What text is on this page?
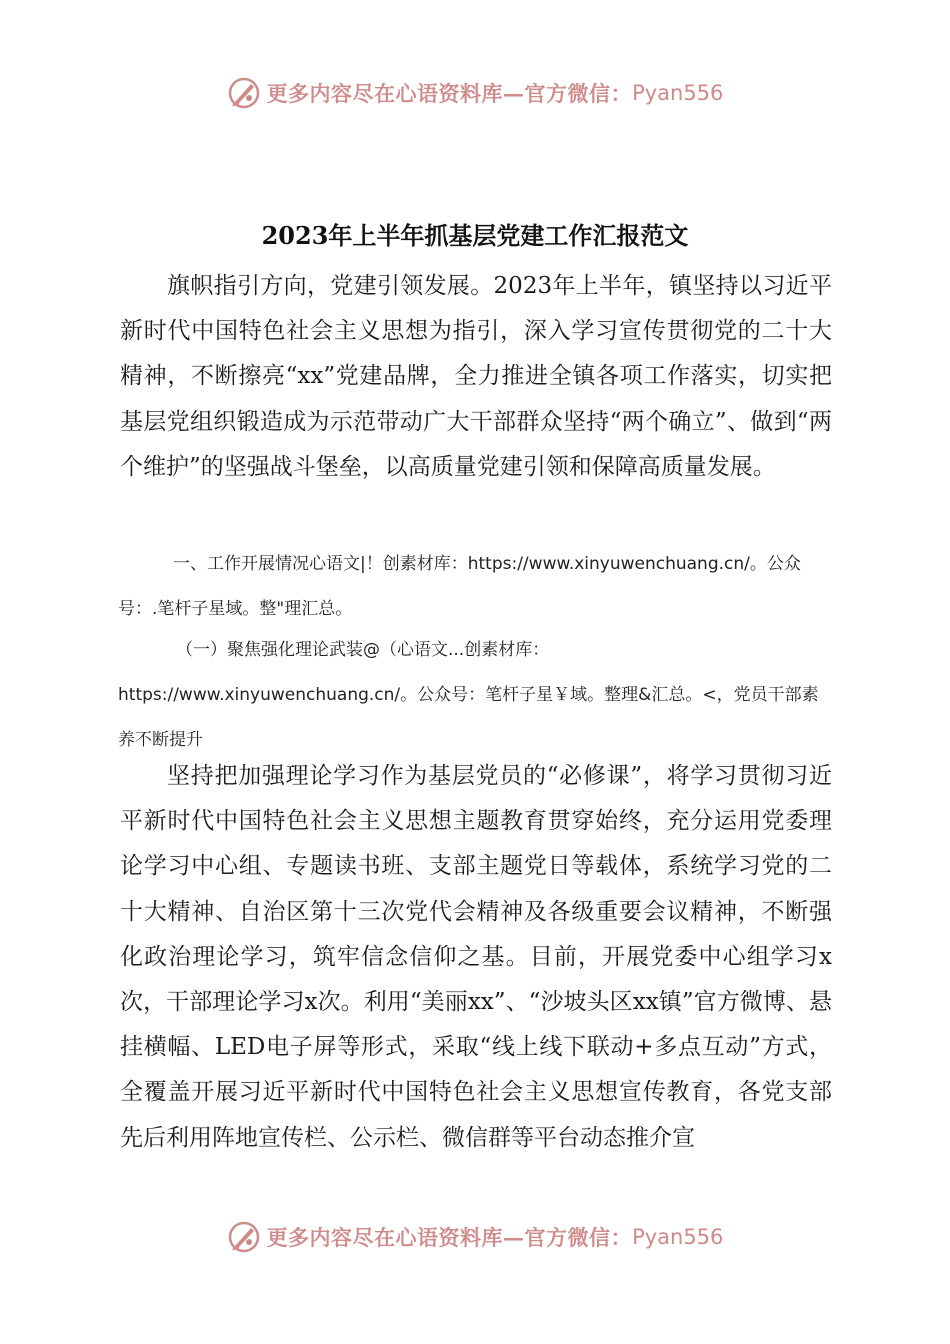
更多内容尽在心语资料库—官方微信： Pyan556
2023年上半年抓基层党建工作汇报范文

旗帜指引方向，党建引领发展。2023年上半年，镇坚持以习近平新时代中国特色社会主义思想为指引，深入学习宣传贯彻党的二十大精神，不断擦亮“xx”党建品牌，全力推进全镇各项工作落实，切实把基层党组织锻造成为示范带动广大干部群众坚持“两个确立”、做到“两个维护”的坚强战斗堡垒，以高质量党建引领和保障高质量发展。

一、工作开展情况心语文|！创素材库：https://www.xinyuwenchuang.cn/。公众号：.笔杆子星域。整"理汇总。

（一）聚焦强化理论武装@（心语文...创素材库：https://www.xinyuwenchuang.cn/。公众号：笔杆子星￥域。整理&汇总。<，党员干部素养不断提升

坚持把加强理论学习作为基层党员的“必修课”，将学习贯彻习近平新时代中国特色社会主义思想主题教育贯穿始终，充分运用党委理论学习中心组、专题读书班、支部主题党日等载体，系统学习党的二十大精神、自治区第十三次党代会精神及各级重要会议精神，不断强化政治理论学习，筑牢信念信仰之基。目前，开展党委中心组学习x次，干部理论学习x次。利用“美丽xx”、“沙坡头区xx镇”官方微博、悬挂横幅、LED电子屏等形式，采取“线上线下联动+多点互动”方式，全覆盖开展习近平新时代中国特色社会主义思想宣传教育，各党支部先后利用阵地宣传栏、公示栏、微信群等平台动态推介宣

更多内容尽在心语资料库—官方微信： Pyan556
